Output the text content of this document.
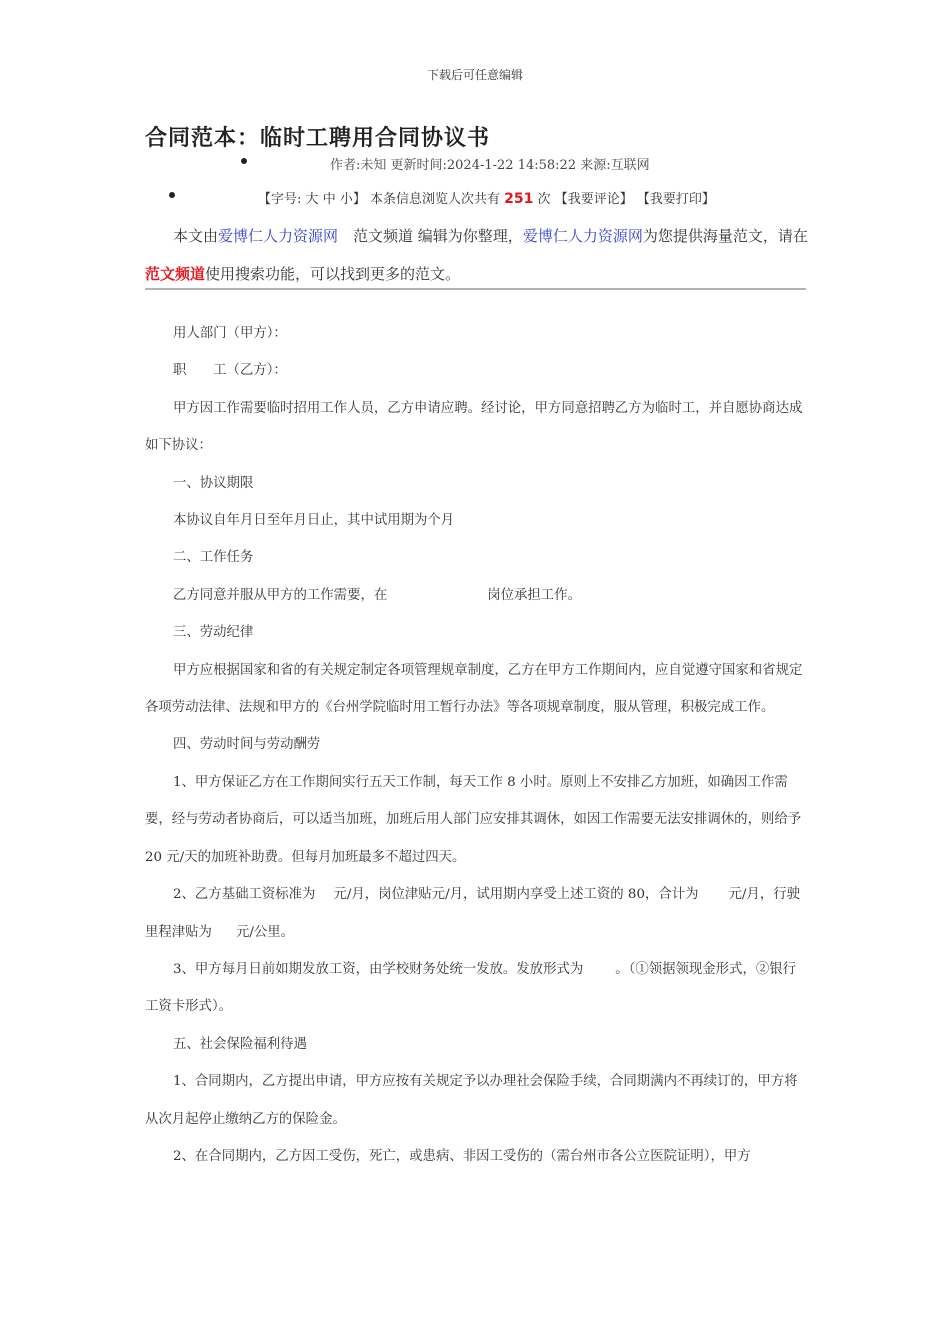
下载后可任意编辑
合同范本：临时工聘用合同协议书
作者:未知 更新时间:2024-1-22 14:58:22 来源:互联网
【字号: 大 中 小】 本条信息浏览人次共有 251 次 【我要评论】 【我要打印】
本文由爱博仁人力资源网　范文频道 编辑为你整理，爱博仁人力资源网为您提供海量范文，请在范文频道使用搜索功能，可以找到更多的范文。

用人部门（甲方）：

职　　工（乙方）：

甲方因工作需要临时招用工作人员，乙方申请应聘。经讨论，甲方同意招聘乙方为临时工，并自愿协商达成如下协议：

一、协议期限

本协议自年月日至年月日止，其中试用期为个月

二、工作任务

乙方同意并服从甲方的工作需要，在	岗位承担工作。

三、劳动纪律

甲方应根据国家和省的有关规定制定各项管理规章制度，乙方在甲方工作期间内，应自觉遵守国家和省规定各项劳动法律、法规和甲方的《台州学院临时用工暂行办法》等各项规章制度，服从管理，积极完成工作。

四、劳动时间与劳动酬劳

1、甲方保证乙方在工作期间实行五天工作制，每天工作 8 小时。原则上不安排乙方加班，如确因工作需要，经与劳动者协商后，可以适当加班，加班后用人部门应安排其调休，如因工作需要无法安排调休的，则给予 20 元/天的加班补助费。但每月加班最多不超过四天。

2、乙方基础工资标准为 元/月，岗位津贴元/月，试用期内享受上述工资的 80，合计为 元/月，行驶里程津贴为 元/公里。

3、甲方每月日前如期发放工资，由学校财务处统一发放。发放形式为 。（①领据领现金形式，②银行工资卡形式）。

五、社会保险福利待遇

1、合同期内，乙方提出申请，甲方应按有关规定予以办理社会保险手续，合同期满内不再续订的，甲方将从次月起停止缴纳乙方的保险金。

2、在合同期内，乙方因工受伤，死亡，或患病、非因工受伤的（需台州市各公立医院证明），甲方
